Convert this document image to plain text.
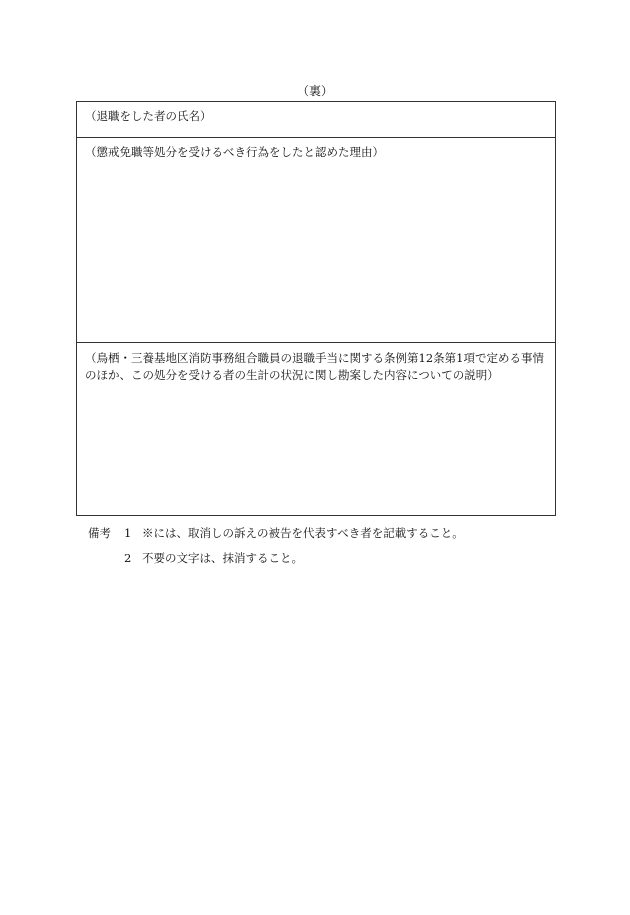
（裏）
（退職をした者の氏名）
（懲戒免職等処分を受けるべき行為をしたと認めた理由）
（鳥栖・三養基地区消防事務組合職員の退職手当に関する条例第12条第1項で定める事情
のほか、この処分を受ける者の生計の状況に関し勘案した内容についての説明）
備考 1 ※には、取消しの訴えの被告を代表すべき者を記載すること。
2 不要の文字は、抹消すること。
